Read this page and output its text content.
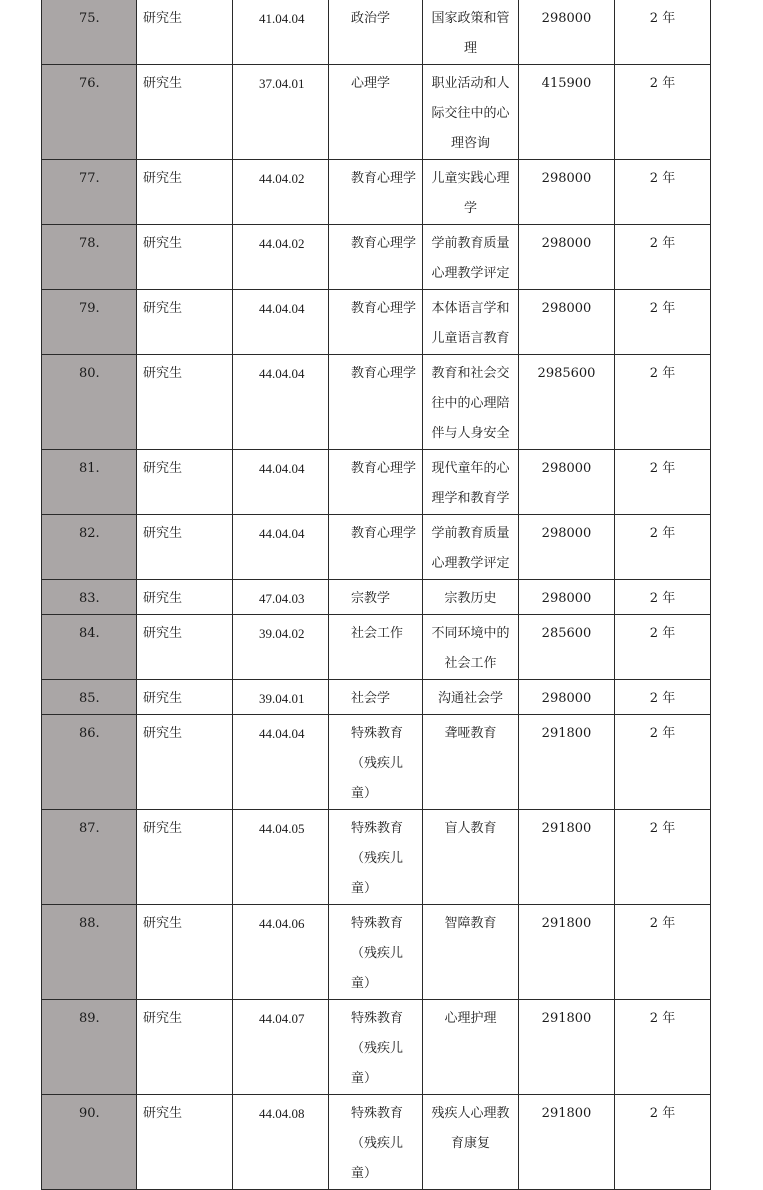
75.	研究生	41.04.04	政治学	国家政策和管理	298000	2 年

76.	研究生	37.04.01	心理学	职业活动和人际交往中的心理咨询	415900	2 年

77.	研究生	44.04.02	教育心理学	儿童实践心理学	298000	2 年

78.	研究生	44.04.02	教育心理学	学前教育质量心理教学评定	298000	2 年

79.	研究生	44.04.04	教育心理学	本体语言学和儿童语言教育	298000	2 年

80.	研究生	44.04.04	教育心理学	教育和社会交往中的心理陪伴与人身安全	2985600	2 年

81.	研究生	44.04.04	教育心理学	现代童年的心理学和教育学	298000	2 年

82.	研究生	44.04.04	教育心理学	学前教育质量心理教学评定	298000	2 年

83.	研究生	47.04.03	宗教学	宗教历史	298000	2 年

84.	研究生	39.04.02	社会工作	不同环境中的社会工作	285600	2 年

85.	研究生	39.04.01	社会学	沟通社会学	298000	2 年

86.	研究生	44.04.04	特殊教育（残疾儿童）	聋哑教育	291800	2 年

87.	研究生	44.04.05	特殊教育（残疾儿童）	盲人教育	291800	2 年

88.	研究生	44.04.06	特殊教育（残疾儿童）	智障教育	291800	2 年

89.	研究生	44.04.07	特殊教育（残疾儿童）	心理护理	291800	2 年

90.	研究生	44.04.08	特殊教育（残疾儿童）	残疾人心理教育康复	291800	2 年
